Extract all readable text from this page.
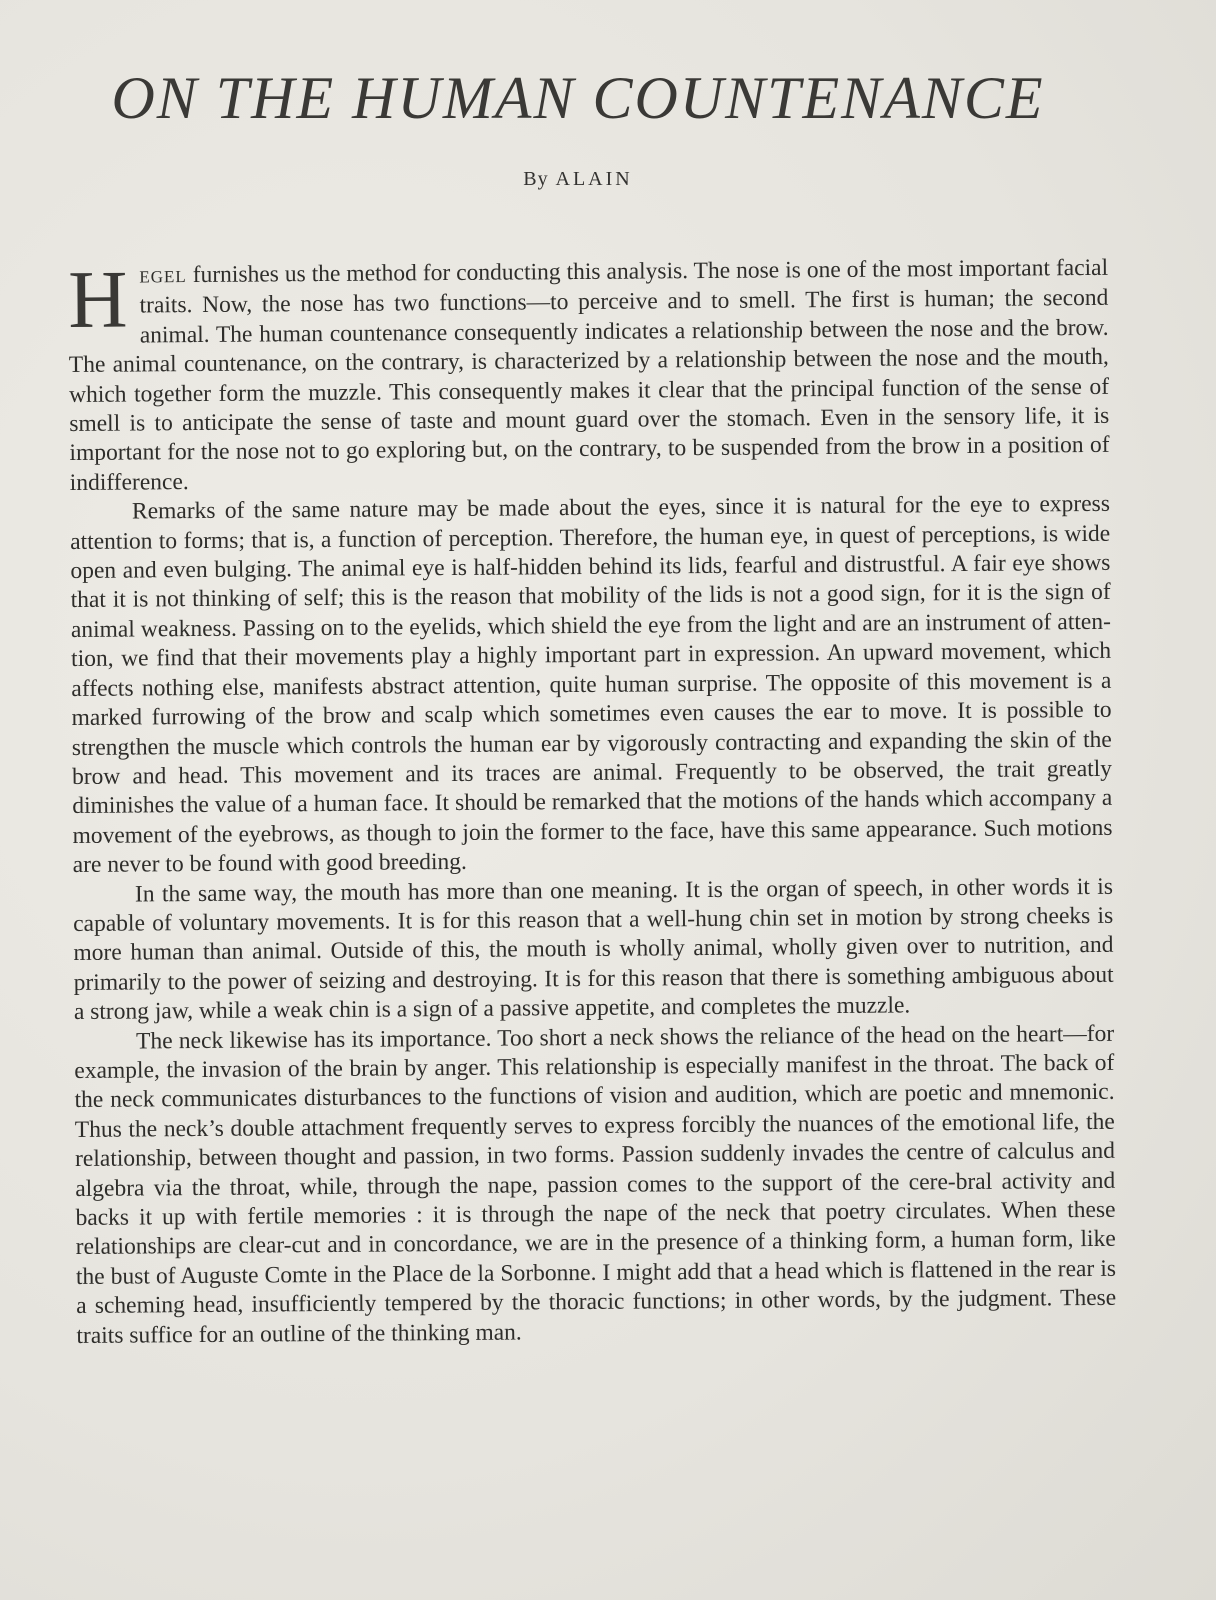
ON THE HUMAN COUNTENANCE
By ALAIN

HEGEL furnishes us the method for conducting this analysis. The nose is one of the most important facial traits. Now, the nose has two functions—to perceive and to smell. The first is human; the second animal. The human countenance consequently indicates a relationship between the nose and the brow. The animal countenance, on the contrary, is characterized by a relationship between the nose and the mouth, which together form the muzzle. This consequently makes it clear that the principal function of the sense of smell is to anticipate the sense of taste and mount guard over the stomach. Even in the sensory life, it is important for the nose not to go exploring but, on the contrary, to be suspended from the brow in a position of indifference.

Remarks of the same nature may be made about the eyes, since it is natural for the eye to express attention to forms; that is, a function of perception. Therefore, the human eye, in quest of perceptions, is wide open and even bulging. The animal eye is half-hidden behind its lids, fearful and distrustful. A fair eye shows that it is not thinking of self; this is the reason that mobility of the lids is not a good sign, for it is the sign of animal weakness. Passing on to the eyelids, which shield the eye from the light and are an instrument of atten-tion, we find that their movements play a highly important part in expression. An upward movement, which affects nothing else, manifests abstract attention, quite human surprise. The opposite of this movement is a marked furrowing of the brow and scalp which sometimes even causes the ear to move. It is possible to strengthen the muscle which controls the human ear by vigorously contracting and expanding the skin of the brow and head. This movement and its traces are animal. Frequently to be observed, the trait greatly diminishes the value of a human face. It should be remarked that the motions of the hands which accompany a movement of the eyebrows, as though to join the former to the face, have this same appearance. Such motions are never to be found with good breeding.

In the same way, the mouth has more than one meaning. It is the organ of speech, in other words it is capable of voluntary movements. It is for this reason that a well-hung chin set in motion by strong cheeks is more human than animal. Outside of this, the mouth is wholly animal, wholly given over to nutrition, and primarily to the power of seizing and destroying. It is for this reason that there is something ambiguous about a strong jaw, while a weak chin is a sign of a passive appetite, and completes the muzzle.

The neck likewise has its importance. Too short a neck shows the reliance of the head on the heart—for example, the invasion of the brain by anger. This relationship is especially manifest in the throat. The back of the neck communicates disturbances to the functions of vision and audition, which are poetic and mnemonic. Thus the neck’s double attachment frequently serves to express forcibly the nuances of the emotional life, the relationship, between thought and passion, in two forms. Passion suddenly invades the centre of calculus and algebra via the throat, while, through the nape, passion comes to the support of the cere-bral activity and backs it up with fertile memories : it is through the nape of the neck that poetry circulates. When these relationships are clear-cut and in concordance, we are in the presence of a thinking form, a human form, like the bust of Auguste Comte in the Place de la Sorbonne. I might add that a head which is flattened in the rear is a scheming head, insufficiently tempered by the thoracic functions; in other words, by the judgment. These traits suffice for an outline of the thinking man.
